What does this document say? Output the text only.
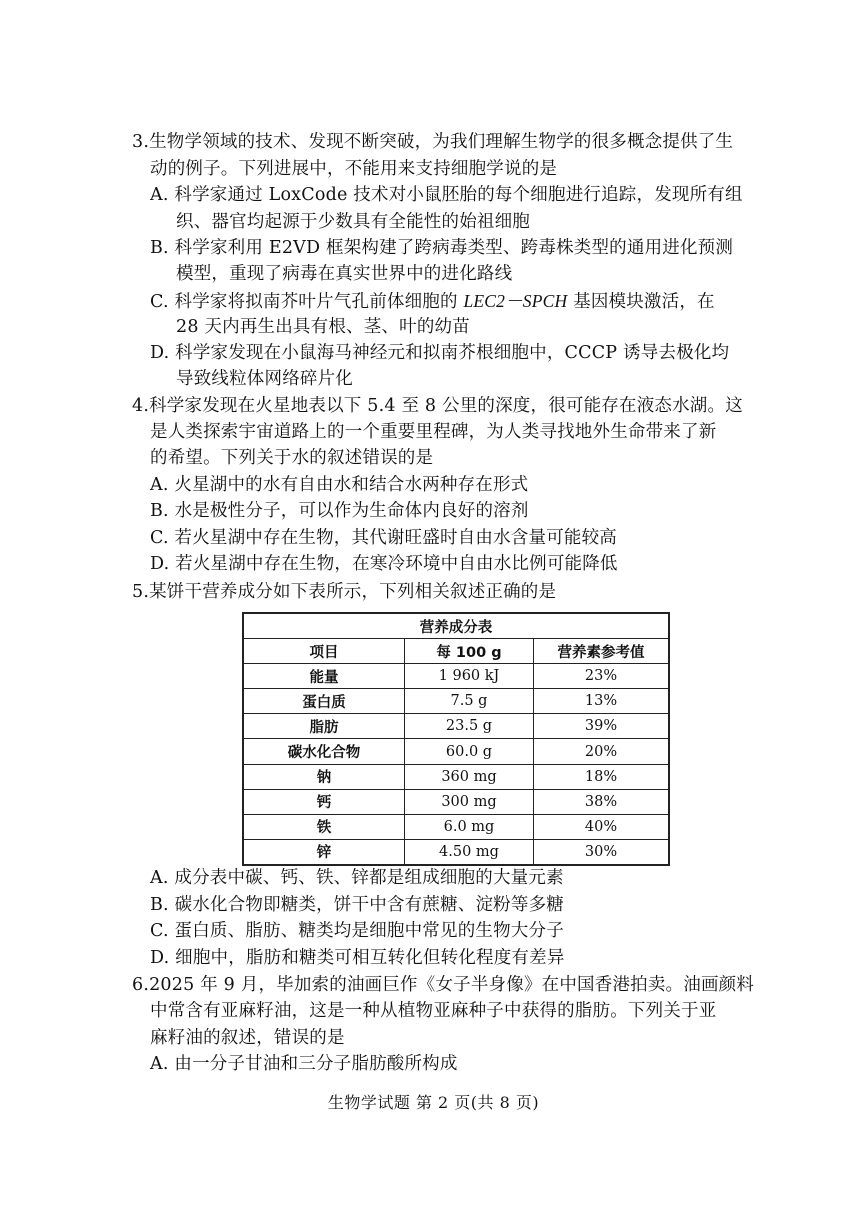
3.生物学领域的技术、发现不断突破，为我们理解生物学的很多概念提供了生
动的例子。下列进展中，不能用来支持细胞学说的是
A. 科学家通过 LoxCode 技术对小鼠胚胎的每个细胞进行追踪，发现所有组
织、器官均起源于少数具有全能性的始祖细胞
B. 科学家利用 E2VD 框架构建了跨病毒类型、跨毒株类型的通用进化预测
模型，重现了病毒在真实世界中的进化路线
C. 科学家将拟南芥叶片气孔前体细胞的 LEC2－SPCH 基因模块激活，在
28 天内再生出具有根、茎、叶的幼苗
D. 科学家发现在小鼠海马神经元和拟南芥根细胞中，CCCP 诱导去极化均
导致线粒体网络碎片化
4.科学家发现在火星地表以下 5.4 至 8 公里的深度，很可能存在液态水湖。这
是人类探索宇宙道路上的一个重要里程碑，为人类寻找地外生命带来了新
的希望。下列关于水的叙述错误的是
A. 火星湖中的水有自由水和结合水两种存在形式
B. 水是极性分子，可以作为生命体内良好的溶剂
C. 若火星湖中存在生物，其代谢旺盛时自由水含量可能较高
D. 若火星湖中存在生物，在寒冷环境中自由水比例可能降低
5.某饼干营养成分如下表所示，下列相关叙述正确的是
营养成分表		
项目	每 100 g	营养素参考值
能量	1 960 kJ	23%
蛋白质	7.5 g	13%
脂肪	23.5 g	39%
碳水化合物	60.0 g	20%
钠	360 mg	18%
钙	300 mg	38%
铁	6.0 mg	40%
锌	4.50 mg	30%
A. 成分表中碳、钙、铁、锌都是组成细胞的大量元素
B. 碳水化合物即糖类，饼干中含有蔗糖、淀粉等多糖
C. 蛋白质、脂肪、糖类均是细胞中常见的生物大分子
D. 细胞中，脂肪和糖类可相互转化但转化程度有差异
6.2025 年 9 月，毕加索的油画巨作《女子半身像》在中国香港拍卖。油画颜料
中常含有亚麻籽油，这是一种从植物亚麻种子中获得的脂肪。下列关于亚
麻籽油的叙述，错误的是
A. 由一分子甘油和三分子脂肪酸所构成
生物学试题 第 2 页(共 8 页)
